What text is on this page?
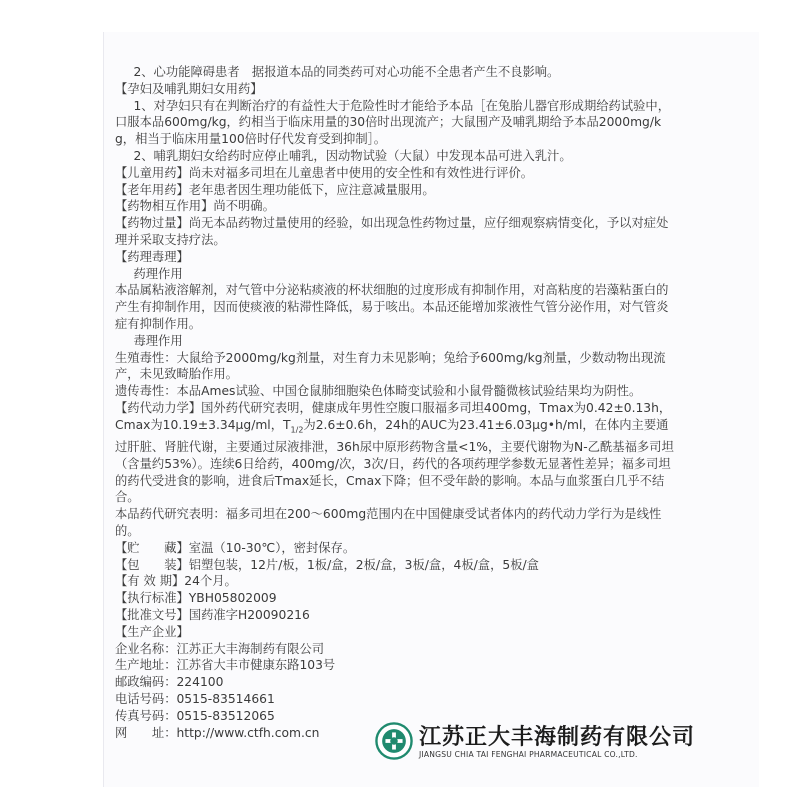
2、心功能障碍患者　据报道本品的同类药可对心功能不全患者产生不良影响。

【孕妇及哺乳期妇女用药】

1、对孕妇只有在判断治疗的有益性大于危险性时才能给予本品［在兔胎儿器官形成期给药试验中，口服本品600mg/kg，约相当于临床用量的30倍时出现流产；大鼠围产及哺乳期给予本品2000mg/kg，相当于临床用量100倍时仔代发育受到抑制］。

2、哺乳期妇女给药时应停止哺乳，因动物试验（大鼠）中发现本品可进入乳汁。

【儿童用药】尚未对福多司坦在儿童患者中使用的安全性和有效性进行评价。

【老年用药】老年患者因生理功能低下，应注意减量服用。

【药物相互作用】尚不明确。

【药物过量】尚无本品药物过量使用的经验，如出现急性药物过量，应仔细观察病情变化，予以对症处理并采取支持疗法。

【药理毒理】

药理作用

本品属粘液溶解剂，对气管中分泌粘痰液的杯状细胞的过度形成有抑制作用，对高粘度的岩藻粘蛋白的产生有抑制作用，因而使痰液的粘滞性降低，易于咳出。本品还能增加浆液性气管分泌作用，对气管炎症有抑制作用。

毒理作用

生殖毒性：大鼠给予2000mg/kg剂量，对生育力未见影响；兔给予600mg/kg剂量，少数动物出现流产，未见致畸胎作用。

遗传毒性：本品Ames试验、中国仓鼠肺细胞染色体畸变试验和小鼠骨髓微核试验结果均为阴性。

【药代动力学】国外药代研究表明，健康成年男性空腹口服福多司坦400mg，Tmax为0.42±0.13h，Cmax为10.19±3.34μg/ml，$T_{1/2}$为2.6±0.6h，24h的AUC为23.41±6.03μg•h/ml，在体内主要通过肝脏、肾脏代谢，主要通过尿液排泄，36h尿中原形药物含量<1%，主要代谢物为N-乙酰基福多司坦（含量约53%）。连续6日给药，400mg/次，3次/日，药代的各项药理学参数无显著性差异；福多司坦的药代受进食的影响，进食后Tmax延长，Cmax下降；但不受年龄的影响。本品与血浆蛋白几乎不结合。

本品药代研究表明：福多司坦在200～600mg范围内在中国健康受试者体内的药代动力学行为是线性的。

【贮　　藏】室温（10-30℃），密封保存。

【包　　装】铝塑包装，12片/板，1板/盒，2板/盒，3板/盒，4板/盒，5板/盒

【有 效 期】24个月。

【执行标准】YBH05802009

【批准文号】国药准字H20090216

【生产企业】

企业名称：江苏正大丰海制药有限公司

生产地址：江苏省大丰市健康东路103号

邮政编码：224100

电话号码：0515-83514661

传真号码：0515-83512065

网　　址：http://www.ctfh.com.cn	江苏正大丰海制药有限公司
JIANGSU CHIA TAI FENGHAI PHARMACEUTICAL CO.,LTD.
